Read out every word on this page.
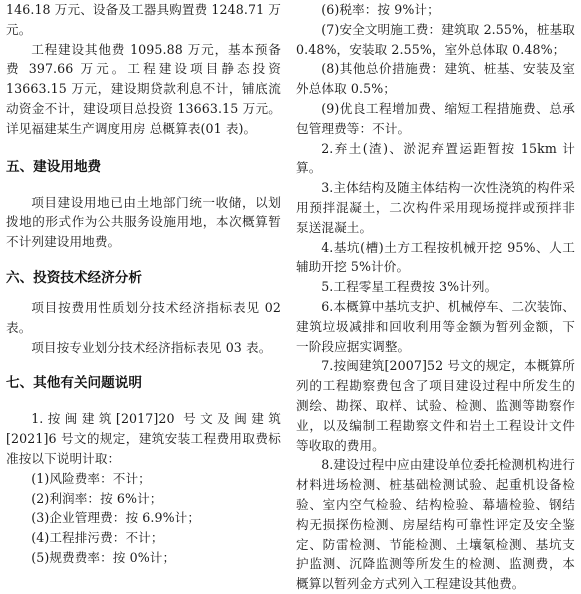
146.18 万元、设备及工器具购置费 1248.71 万元。

工程建设其他费 1095.88 万元，基本预备费 397.66 万元。工程建设项目静态投资 13663.15 万元，建设期贷款利息不计，铺底流动资金不计，建设项目总投资 13663.15 万元。详见福建某生产调度用房 总概算表(01 表)。

五、建设用地费

项目建设用地已由土地部门统一收储，以划拨地的形式作为公共服务设施用地，本次概算暂不计列建设用地费。

六、投资技术经济分析

项目按费用性质划分技术经济指标表见 02 表。

项目按专业划分技术经济指标表见 03 表。

七、其他有关问题说明

1.按闽建筑[2017]20 号文及闽建筑[2021]6 号文的规定，建筑安装工程费用取费标准按以下说明计取：

(1)风险费率：不计；

(2)利润率：按 6%计；

(3)企业管理费：按 6.9%计；

(4)工程排污费：不计；

(5)规费费率：按 0%计；

(6)税率：按 9%计；

(7)安全文明施工费：建筑取 2.55%，桩基取 0.48%，安装取 2.55%，室外总体取 0.48%；

(8)其他总价措施费：建筑、桩基、安装及室外总体取 0.5%；

(9)优良工程增加费、缩短工程措施费、总承包管理费等：不计。

2.弃土(渣)、淤泥弃置运距暂按 15km 计算。

3.主体结构及随主体结构一次性浇筑的构件采用预拌混凝土，二次构件采用现场搅拌或预拌非泵送混凝土。

4.基坑(槽)土方工程按机械开挖 95%、人工辅助开挖 5%计价。

5.工程零星工程费按 3%计列。

6.本概算中基坑支护、机械停车、二次装饰、建筑垃圾减排和回收利用等金额为暂列金额，下一阶段应据实调整。

7.按闽建筑[2007]52 号文的规定，本概算所列的工程勘察费包含了项目建设过程中所发生的测绘、勘探、取样、试验、检测、监测等勘察作业，以及编制工程勘察文件和岩土工程设计文件等收取的费用。

8.建设过程中应由建设单位委托检测机构进行材料进场检测、桩基础检测试验、起重机设备检验、室内空气检验、结构检验、幕墙检验、钢结构无损探伤检测、房屋结构可靠性评定及安全鉴定、防雷检测、节能检测、土壤氡检测、基坑支护监测、沉降监测等所发生的检测、监测费，本概算以暂列金方式列入工程建设其他费。
